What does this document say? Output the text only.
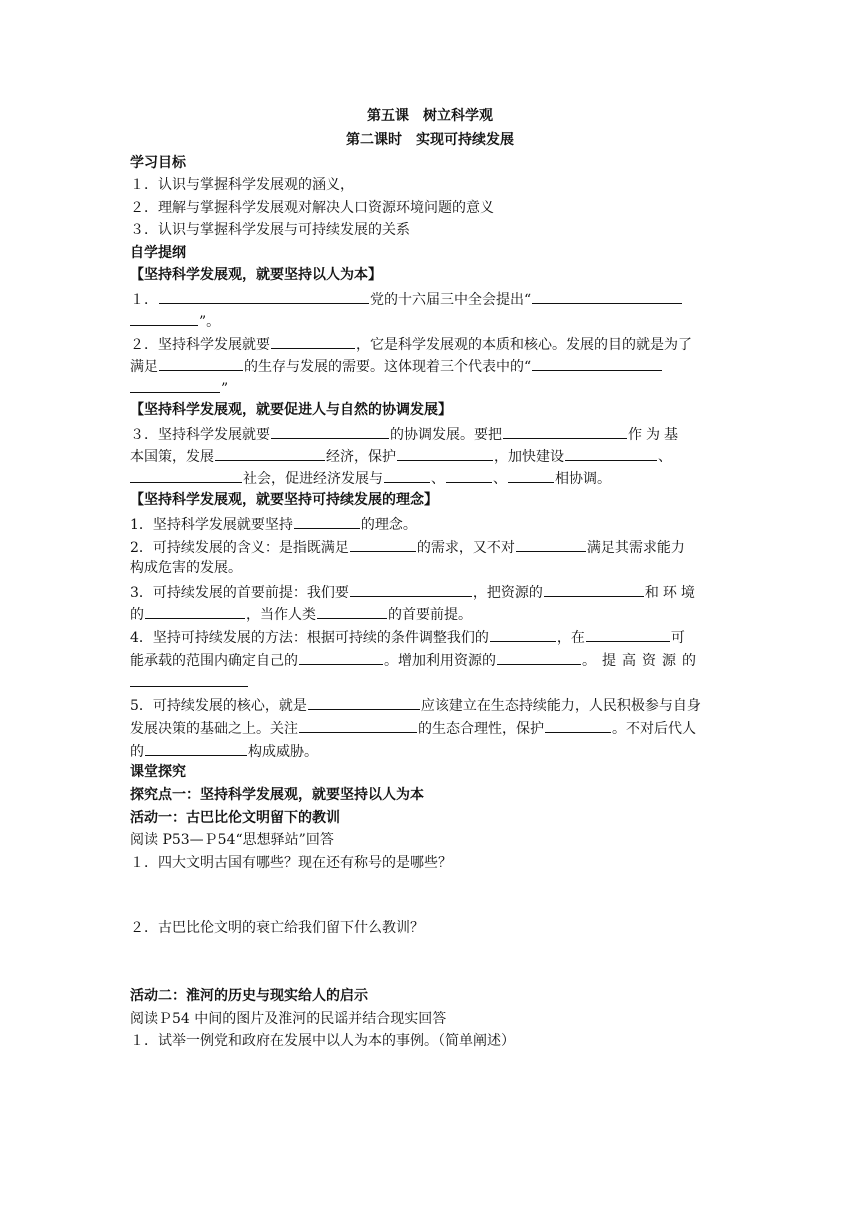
第五课　树立科学观
第二课时　实现可持续发展
学习目标
１．认识与掌握科学发展观的涵义，
２．理解与掌握科学发展观对解决人口资源环境问题的意义
３．认识与掌握科学发展与可持续发展的关系
自学提纲
【坚持科学发展观，就要坚持以人为本】
１．	党的十六届三中全会提出“
”。
２．坚持科学发展就要	，它是科学发展观的本质和核心。发展的目的就是为了
满足	的生存与发展的需要。这体现着三个代表中的“
”
【坚持科学发展观，就要促进人与自然的协调发展】
３．坚持科学发展就要	的协调发展。要把	作为基
本国策，发展	经济，保护	，加快建设	、
社会，促进经济发展与	、	、	相协调。
【坚持科学发展观，就要坚持可持续发展的理念】
1．坚持科学发展就要坚持	的理念。
2．可持续发展的含义：是指既满足	的需求，又不对	满足其需求能力
构成危害的发展。
3．可持续发展的首要前提：我们要	，把资源的	和环境
的	，当作人类	的首要前提。
4．坚持可持续发展的方法：根据可持续的条件调整我们的	，在	可
能承载的范围内确定自己的	。增加利用资源的	。提高资源的
5．可持续发展的核心，就是	应该建立在生态持续能力，人民积极参与自身
发展决策的基础之上。关注	的生态合理性，保护	。不对后代人
的	构成威胁。
课堂探究
探究点一：坚持科学发展观，就要坚持以人为本
活动一：古巴比伦文明留下的教训
阅读 P53—Ｐ54“思想驿站”回答
１．四大文明古国有哪些？现在还有称号的是哪些？
２．古巴比伦文明的衰亡给我们留下什么教训？
活动二：淮河的历史与现实给人的启示
阅读Ｐ54 中间的图片及淮河的民谣并结合现实回答
１．试举一例党和政府在发展中以人为本的事例。（简单阐述）
